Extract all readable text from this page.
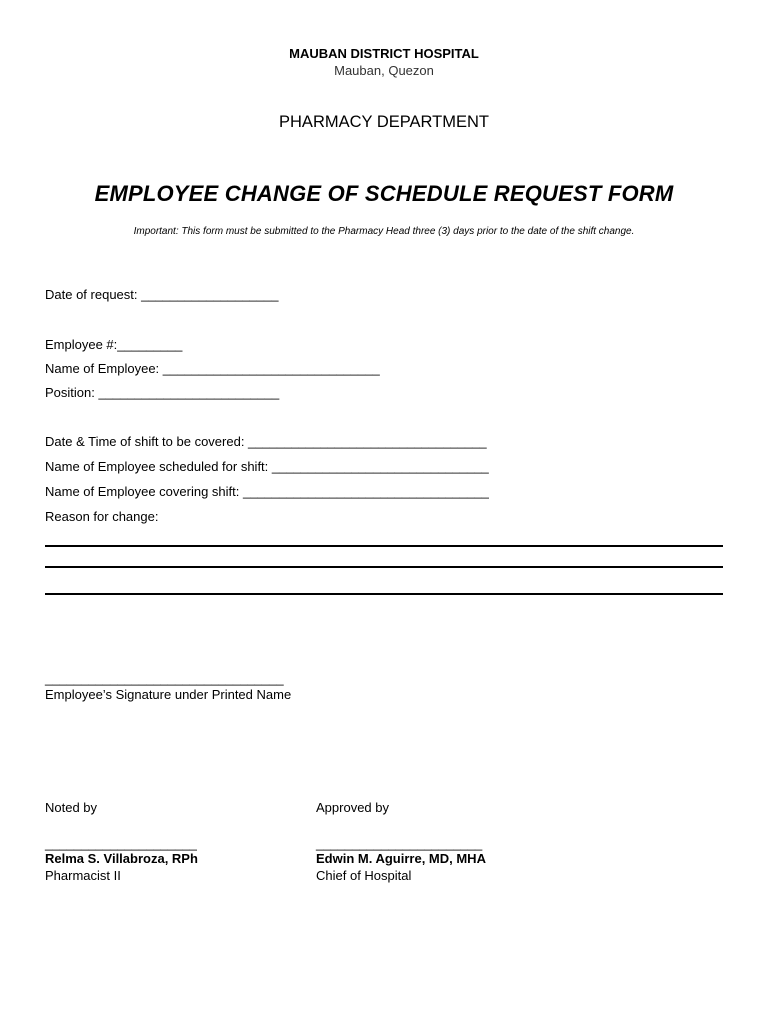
MAUBAN DISTRICT HOSPITAL
Mauban, Quezon
PHARMACY DEPARTMENT
EMPLOYEE CHANGE OF SCHEDULE REQUEST FORM
Important: This form must be submitted to the Pharmacy Head three (3) days prior to the date of the shift change.
Date of request: ___________________
Employee #:_________
Name of Employee: ______________________________
Position: _________________________
Date & Time of shift to be covered: _________________________________
Name of Employee scheduled for shift: ______________________________
Name of Employee covering shift: __________________________________
Reason for change:
_________________________________
Employee’s Signature under Printed Name
Noted by
_____________________
Relma S. Villabroza, RPh
Pharmacist II
Approved by
_______________________
Edwin M. Aguirre, MD, MHA
Chief of Hospital
